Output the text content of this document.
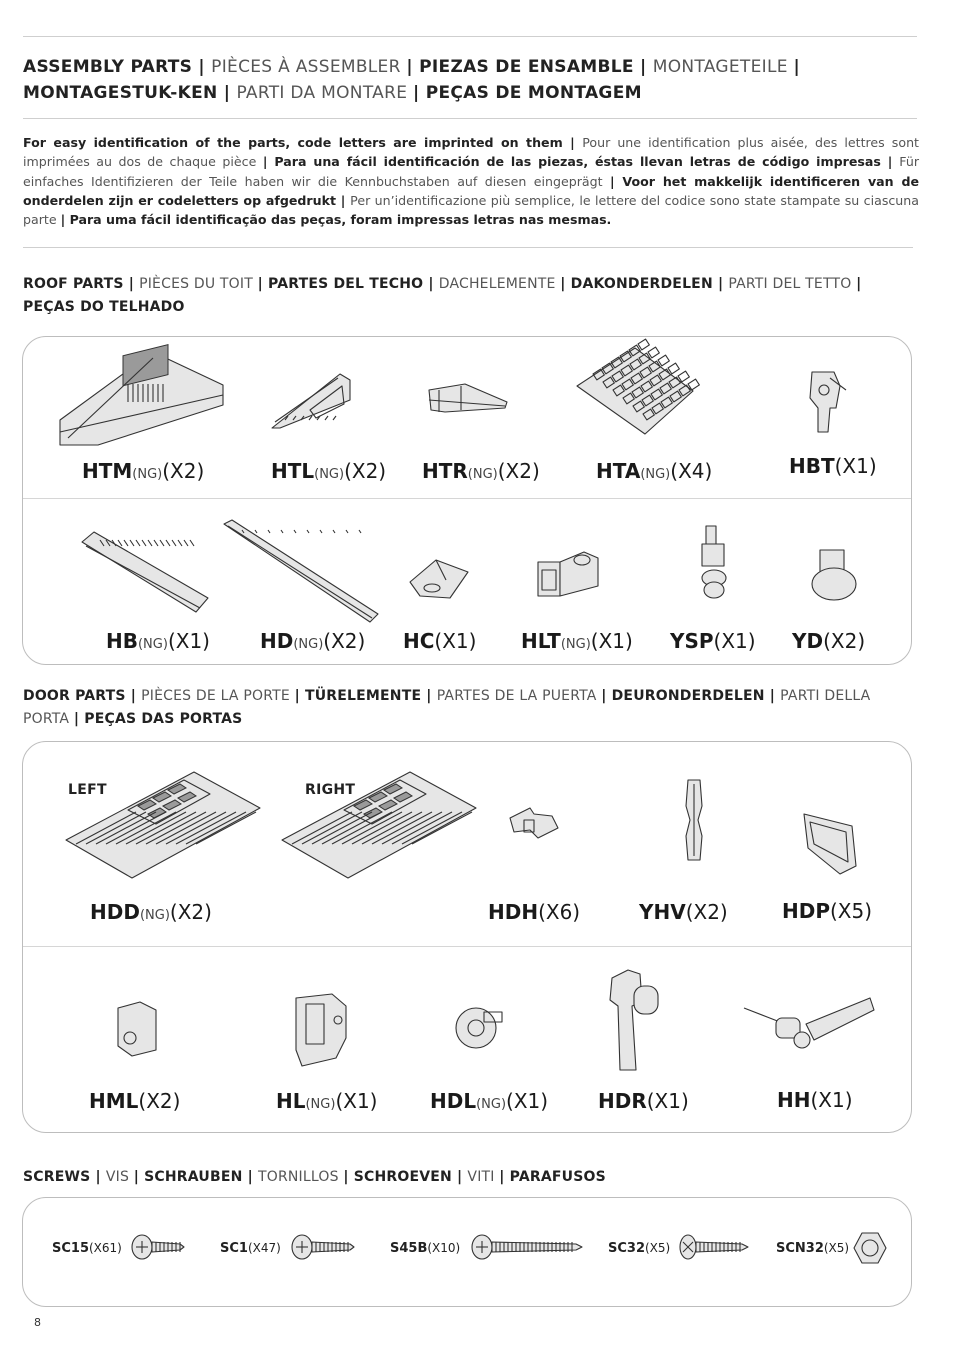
ASSEMBLY PARTS | PIÈCES À ASSEMBLER | PIEZAS DE ENSAMBLE | MONTAGETEILE | MONTAGESTUK-KEN | PARTI DA MONTARE | PEÇAS DE MONTAGEM
For easy identification of the parts, code letters are imprinted on them | Pour une identification plus aisée, des lettres sont imprimées au dos de chaque pièce | Para una fácil identificación de las piezas, éstas llevan letras de código impresas | Für einfaches Identifizieren der Teile haben wir die Kennbuchstaben auf diesen eingeprägt | Voor het makkelijk identificeren van de onderdelen zijn er codeletters op afgedrukt | Per un’identificazione più semplice, le lettere del codice sono state stampate su ciascuna parte | Para uma fácil identificação das peças, foram impressas letras nas mesmas.
ROOF PARTS | PIÈCES DU TOIT | PARTES DEL TECHO | DACHELEMENTE | DAKONDERDELEN | PARTI DEL TETTO | PEÇAS DO TELHADO
DOOR PARTS | PIÈCES DE LA PORTE | TÜRELEMENTE | PARTES DE LA PUERTA | DEURONDERDELEN | PARTI DELLA PORTA | PEÇAS DAS PORTAS
LEFT	RIGHT
SCREWS | VIS | SCHRAUBEN | TORNILLOS | SCHROEVEN | VITI | PARAFUSOS
8
HTM(NG)(X2)	HTL(NG)(X2) HTR(NG)(X2)	HTA(NG)(X4)	HBT(X1)
HB(NG)(X1)	HD(NG)(X2) HC(X1) HLT(NG)(X1) YSP(X1) YD(X2)
HDD(NG)(X2)	HDH(X6)	YHV(X2)	HDP(X5)
HML(X2)	HL(NG)(X1)	HDL(NG)(X1) HDR(X1)	HH(X1)
SC15(X61)	SC1(X47)	S45B(X10)	SC32(X5)	SCN32(X5)
